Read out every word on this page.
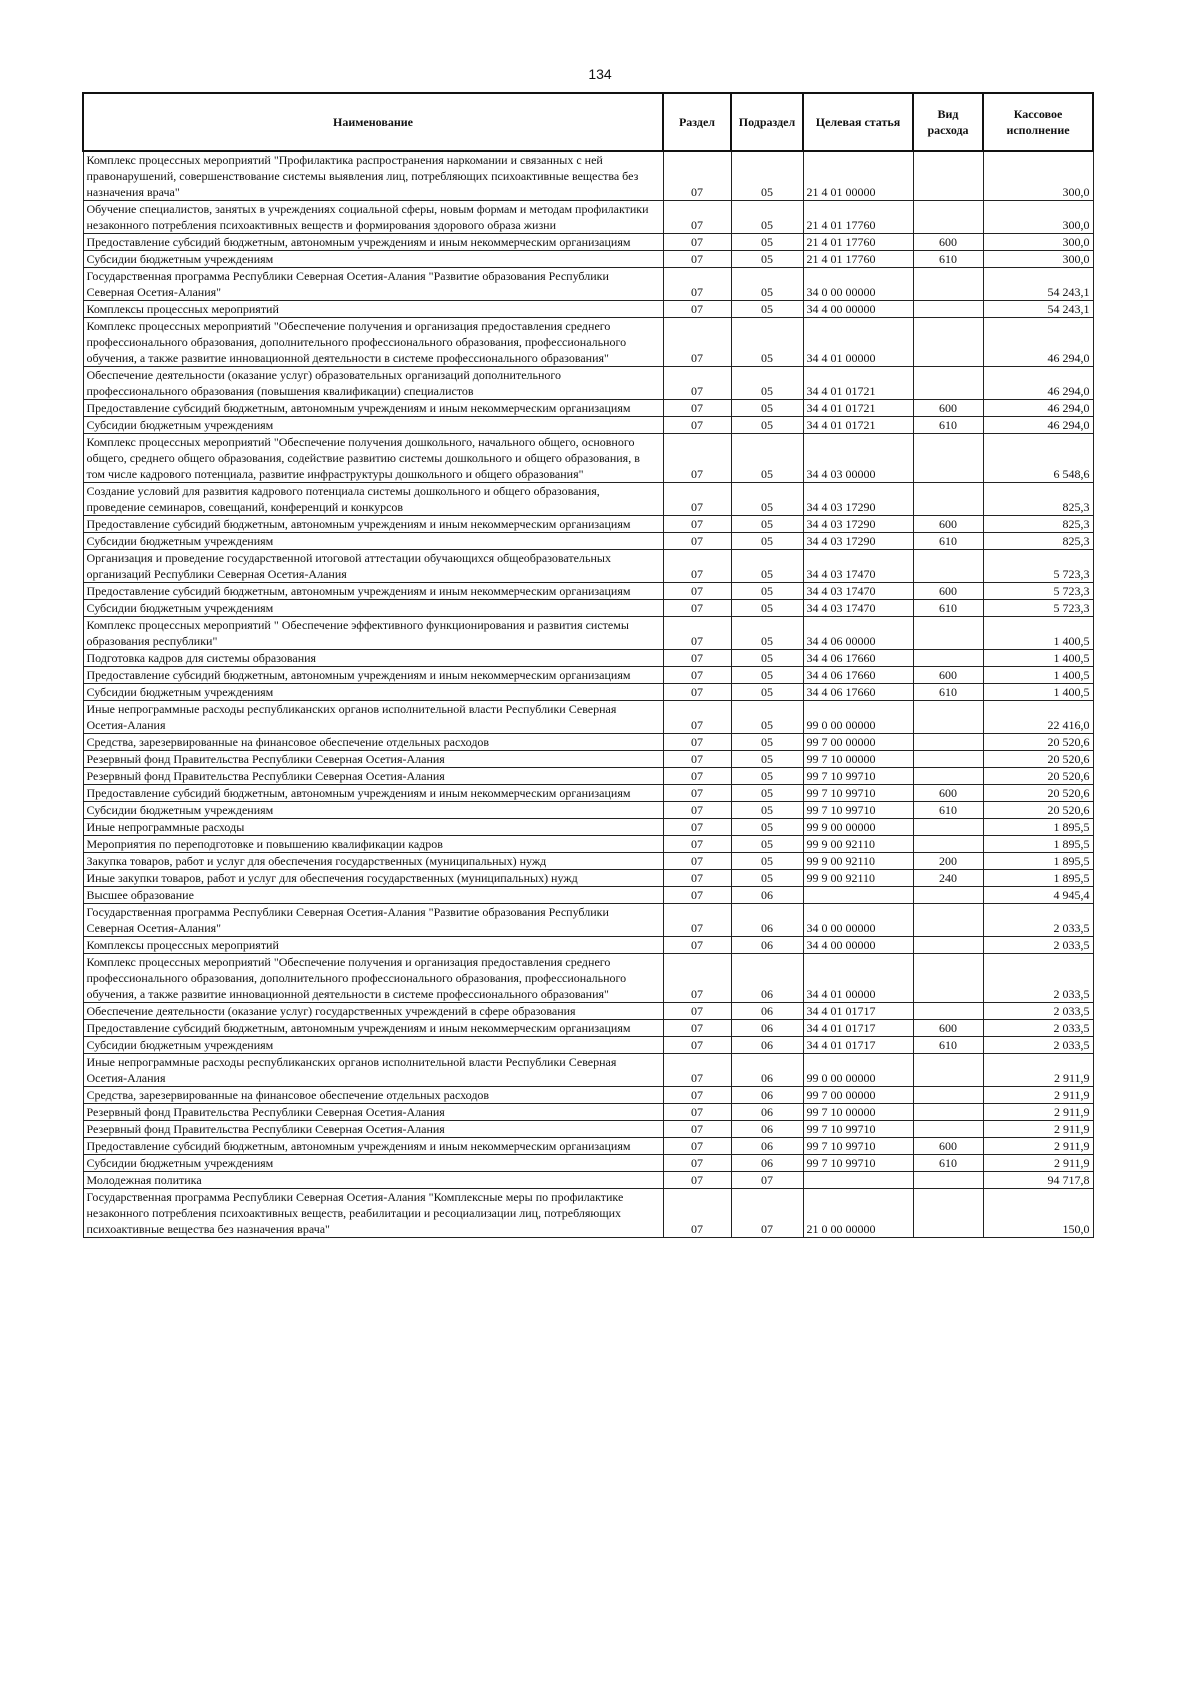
134
Наименование	Раздел	Подраздел	Целевая статья	Вид расхода	Кассовое исполнение
Комплекс процессных мероприятий "Профилактика распространения наркомании и связанных с ней правонарушений, совершенствование системы выявления лиц, потребляющих психоактивные вещества без назначения врача"	07	05	21 4 01 00000		300,0
Обучение специалистов, занятых в учреждениях социальной сферы, новым формам и методам профилактики незаконного потребления психоактивных веществ и формирования здорового образа жизни	07	05	21 4 01 17760		300,0
Предоставление субсидий бюджетным, автономным учреждениям и иным некоммерческим организациям	07	05	21 4 01 17760	600	300,0
Субсидии бюджетным учреждениям	07	05	21 4 01 17760	610	300,0
Государственная программа Республики Северная Осетия-Алания "Развитие образования Республики Северная Осетия-Алания"	07	05	34 0 00 00000		54 243,1
Комплексы процессных мероприятий	07	05	34 4 00 00000		54 243,1
Комплекс процессных мероприятий "Обеспечение получения и организация предоставления среднего профессионального образования, дополнительного профессионального образования, профессионального обучения, а также развитие инновационной деятельности в системе профессионального образования"	07	05	34 4 01 00000		46 294,0
Обеспечение деятельности (оказание услуг) образовательных организаций дополнительного профессионального образования (повышения квалификации) специалистов	07	05	34 4 01 01721		46 294,0
Предоставление субсидий бюджетным, автономным учреждениям и иным некоммерческим организациям	07	05	34 4 01 01721	600	46 294,0
Субсидии бюджетным учреждениям	07	05	34 4 01 01721	610	46 294,0
Комплекс процессных мероприятий "Обеспечение получения дошкольного, начального общего, основного общего, среднего общего образования, содействие развитию системы дошкольного и общего образования, в том числе кадрового потенциала, развитие инфраструктуры дошкольного и общего образования"	07	05	34 4 03 00000		6 548,6
Создание условий для развития кадрового потенциала системы дошкольного и общего образования, проведение семинаров, совещаний, конференций и конкурсов	07	05	34 4 03 17290		825,3
Предоставление субсидий бюджетным, автономным учреждениям и иным некоммерческим организациям	07	05	34 4 03 17290	600	825,3
Субсидии бюджетным учреждениям	07	05	34 4 03 17290	610	825,3
Организация и проведение государственной итоговой аттестации обучающихся общеобразовательных организаций Республики Северная Осетия-Алания	07	05	34 4 03 17470		5 723,3
Предоставление субсидий бюджетным, автономным учреждениям и иным некоммерческим организациям	07	05	34 4 03 17470	600	5 723,3
Субсидии бюджетным учреждениям	07	05	34 4 03 17470	610	5 723,3
Комплекс процессных мероприятий " Обеспечение эффективного функционирования и развития системы образования республики"	07	05	34 4 06 00000		1 400,5
Подготовка кадров для системы образования	07	05	34 4 06 17660		1 400,5
Предоставление субсидий бюджетным, автономным учреждениям и иным некоммерческим организациям	07	05	34 4 06 17660	600	1 400,5
Субсидии бюджетным учреждениям	07	05	34 4 06 17660	610	1 400,5
Иные непрограммные расходы республиканских органов исполнительной власти Республики Северная Осетия-Алания	07	05	99 0 00 00000		22 416,0
Средства, зарезервированные на финансовое обеспечение отдельных расходов	07	05	99 7 00 00000		20 520,6
Резервный фонд Правительства Республики Северная Осетия-Алания	07	05	99 7 10 00000		20 520,6
Резервный фонд Правительства Республики Северная Осетия-Алания	07	05	99 7 10 99710		20 520,6
Предоставление субсидий бюджетным, автономным учреждениям и иным некоммерческим организациям	07	05	99 7 10 99710	600	20 520,6
Субсидии бюджетным учреждениям	07	05	99 7 10 99710	610	20 520,6
Иные непрограммные расходы	07	05	99 9 00 00000		1 895,5
Мероприятия по переподготовке и повышению квалификации кадров	07	05	99 9 00 92110		1 895,5
Закупка товаров, работ и услуг для обеспечения государственных (муниципальных) нужд	07	05	99 9 00 92110	200	1 895,5
Иные закупки товаров, работ и услуг для обеспечения государственных (муниципальных) нужд	07	05	99 9 00 92110	240	1 895,5
Высшее образование	07	06			4 945,4
Государственная программа Республики Северная Осетия-Алания "Развитие образования Республики Северная Осетия-Алания"	07	06	34 0 00 00000		2 033,5
Комплексы процессных мероприятий	07	06	34 4 00 00000		2 033,5
Комплекс процессных мероприятий "Обеспечение получения и организация предоставления среднего профессионального образования, дополнительного профессионального образования, профессионального обучения, а также развитие инновационной деятельности в системе профессионального образования"	07	06	34 4 01 00000		2 033,5
Обеспечение деятельности (оказание услуг) государственных учреждений в сфере образования	07	06	34 4 01 01717		2 033,5
Предоставление субсидий бюджетным, автономным учреждениям и иным некоммерческим организациям	07	06	34 4 01 01717	600	2 033,5
Субсидии бюджетным учреждениям	07	06	34 4 01 01717	610	2 033,5
Иные непрограммные расходы республиканских органов исполнительной власти Республики Северная Осетия-Алания	07	06	99 0 00 00000		2 911,9
Средства, зарезервированные на финансовое обеспечение отдельных расходов	07	06	99 7 00 00000		2 911,9
Резервный фонд Правительства Республики Северная Осетия-Алания	07	06	99 7 10 00000		2 911,9
Резервный фонд Правительства Республики Северная Осетия-Алания	07	06	99 7 10 99710		2 911,9
Предоставление субсидий бюджетным, автономным учреждениям и иным некоммерческим организациям	07	06	99 7 10 99710	600	2 911,9
Субсидии бюджетным учреждениям	07	06	99 7 10 99710	610	2 911,9
Молодежная политика	07	07			94 717,8
Государственная программа Республики Северная Осетия-Алания "Комплексные меры по профилактике незаконного потребления психоактивных веществ, реабилитации и ресоциализации лиц, потребляющих психоактивные вещества без назначения врача"	07	07	21 0 00 00000		150,0
